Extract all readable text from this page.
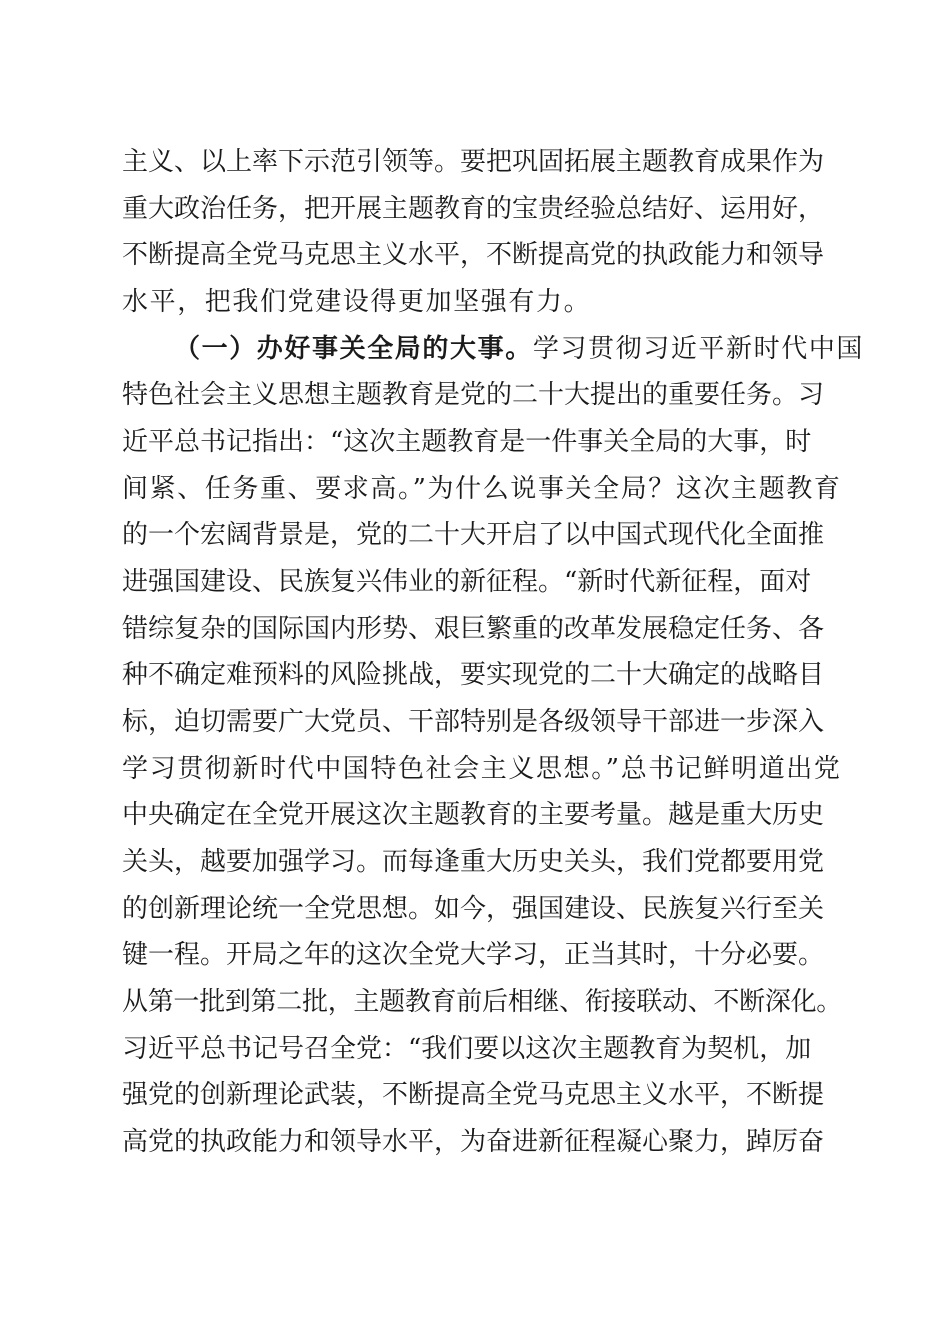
主义、以上率下示范引领等。要把巩固拓展主题教育成果作为
重大政治任务，把开展主题教育的宝贵经验总结好、运用好，
不断提高全党马克思主义水平，不断提高党的执政能力和领导
水平，把我们党建设得更加坚强有力。
（一）办好事关全局的大事。学习贯彻习近平新时代中国
特色社会主义思想主题教育是党的二十大提出的重要任务。习
近平总书记指出：“这次主题教育是一件事关全局的大事，时
间紧、任务重、要求高。”为什么说事关全局？这次主题教育
的一个宏阔背景是，党的二十大开启了以中国式现代化全面推
进强国建设、民族复兴伟业的新征程。“新时代新征程，面对
错综复杂的国际国内形势、艰巨繁重的改革发展稳定任务、各
种不确定难预料的风险挑战，要实现党的二十大确定的战略目
标，迫切需要广大党员、干部特别是各级领导干部进一步深入
学习贯彻新时代中国特色社会主义思想。”总书记鲜明道出党
中央确定在全党开展这次主题教育的主要考量。越是重大历史
关头，越要加强学习。而每逢重大历史关头，我们党都要用党
的创新理论统一全党思想。如今，强国建设、民族复兴行至关
键一程。开局之年的这次全党大学习，正当其时，十分必要。
从第一批到第二批，主题教育前后相继、衔接联动、不断深化。
习近平总书记号召全党：“我们要以这次主题教育为契机，加
强党的创新理论武装，不断提高全党马克思主义水平，不断提
高党的执政能力和领导水平，为奋进新征程凝心聚力，踔厉奋
